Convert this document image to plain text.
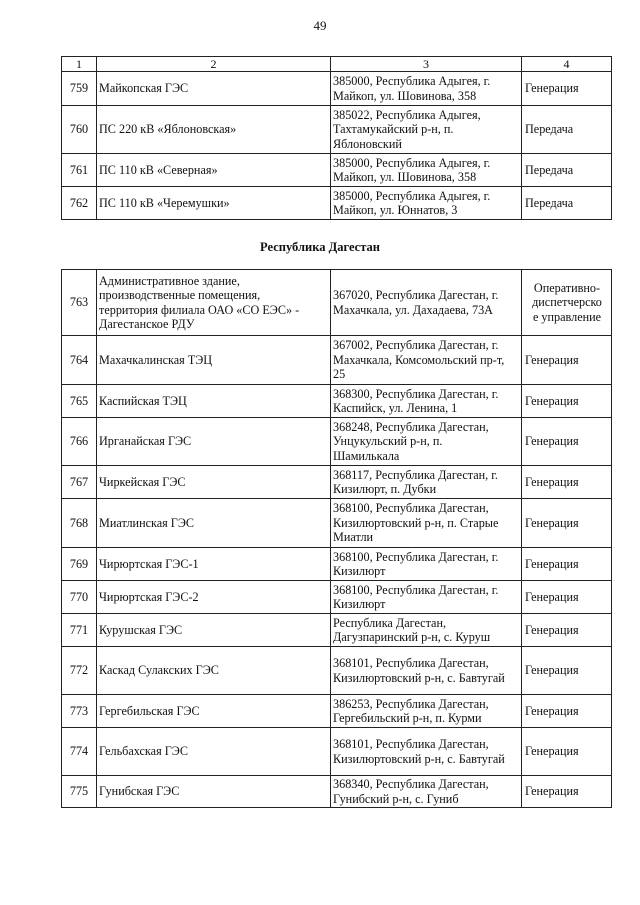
49
1	2	3	4
759	Майкопская ГЭС	385000, Республика Адыгея, г.
Майкоп, ул. Шовинова, 358	Генерация

760	ПС 220 кВ «Яблоновская»	385022, Республика Адыгея,
Тахтамукайский р-н, п.
Яблоновский	Передача

761	ПС 110 кВ «Северная»	385000, Республика Адыгея, г.
Майкоп, ул. Шовинова, 358	Передача

762	ПС 110 кВ «Черемушки»	385000, Республика Адыгея, г.
Майкоп, ул. Юннатов, 3	Передача
Республика Дагестан
763	Административное здание,
производственные помещения,
территория филиала ОАО «СО ЕЭС» -
Дагестанское РДУ	367020, Республика Дагестан, г.
Махачкала, ул. Дахадаева, 73А	Оперативно-
диспетчерско
е управление

764	Махачкалинская ТЭЦ	367002, Республика Дагестан, г.
Махачкала, Комсомольский пр-т,
25	Генерация

765	Каспийская ТЭЦ	368300, Республика Дагестан, г.
Каспийск, ул. Ленина, 1	Генерация

766	Ирганайская ГЭС	368248, Республика Дагестан,
Унцукульский р-н, п.
Шамилькала	Генерация

767	Чиркейская ГЭС	368117, Республика Дагестан, г.
Кизилюрт, п. Дубки	Генерация

768	Миатлинская ГЭС	368100, Республика Дагестан,
Кизилюртовский р-н, п. Старые
Миатли	Генерация

769	Чирюртская ГЭС-1	368100, Республика Дагестан, г.
Кизилюрт	Генерация

770	Чирюртская ГЭС-2	368100, Республика Дагестан, г.
Кизилюрт	Генерация

771	Курушская ГЭС	Республика Дагестан,
Дагузпаринский р-н, с. Куруш	Генерация

772	Каскад Сулакских ГЭС	368101, Республика Дагестан,
Кизилюртовский р-н, с. Бавтугай	Генерация

773	Гергебильская ГЭС	386253, Республика Дагестан,
Гергебильский р-н, п. Курми	Генерация

774	Гельбахская ГЭС	368101, Республика Дагестан,
Кизилюртовский р-н, с. Бавтугай	Генерация

775	Гунибская ГЭС	368340, Республика Дагестан,
Гунибский р-н, с. Гуниб	Генерация
